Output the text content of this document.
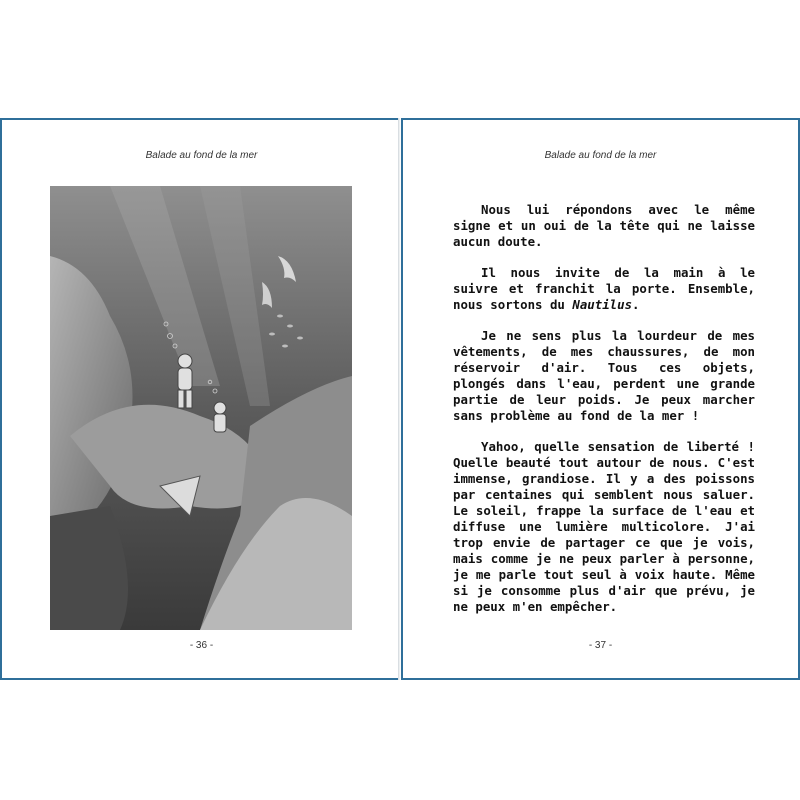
Balade au fond de la mer
- 36 -
Balade au fond de la mer

Nous lui répondons avec le même signe et un oui de la tête qui ne laisse aucun doute.

Il nous invite de la main à le suivre et franchit la porte. Ensemble, nous sortons du Nautilus.

Je ne sens plus la lourdeur de mes vêtements, de mes chaussures, de mon réservoir d'air. Tous ces objets, plongés dans l'eau, perdent une grande partie de leur poids. Je peux marcher sans problème au fond de la mer !

Yahoo, quelle sensation de liberté ! Quelle beauté tout autour de nous. C'est immense, grandiose. Il y a des poissons par centaines qui semblent nous saluer. Le soleil, frappe la surface de l'eau et diffuse une lumière multicolore. J'ai trop envie de partager ce que je vois, mais comme je ne peux parler à personne, je me parle tout seul à voix haute. Même si je consomme plus d'air que prévu, je ne peux m'en empêcher.

- 37 -
